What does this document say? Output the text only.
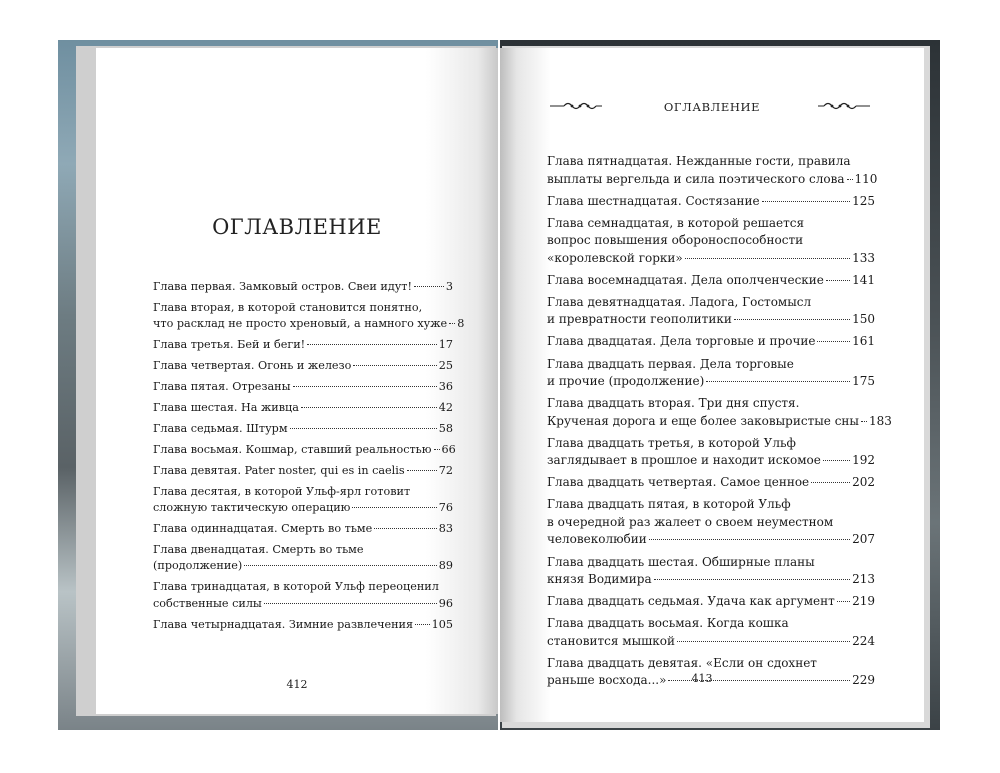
ОГЛАВЛЕНИЕ
Глава первая. Замковый остров. Свеи идут!	3
Глава вторая, в которой становится понятно,
что расклад не просто хреновый, а намного хуже 8
Глава третья. Бей и беги!	17
Глава четвертая. Огонь и железо	25
Глава пятая. Отрезаны	36
Глава шестая. На живца	42
Глава седьмая. Штурм	58
Глава восьмая. Кошмар, ставший реальностью 66
Глава девятая. Pater noster, qui es in caelis	72
Глава десятая, в которой Ульф-ярл готовит
сложную тактическую операцию	76
Глава одиннадцатая. Смерть во тьме	83
Глава двенадцатая. Смерть во тьме
(продолжение)	89
Глава тринадцатая, в которой Ульф переоценил
собственные силы	96
Глава четырнадцатая. Зимние развлечения 105
412
ОГЛАВЛЕНИЕ
Глава пятнадцатая. Нежданные гости, правила
выплаты вергельда и сила поэтического слова 110
Глава шестнадцатая. Состязание	125
Глава семнадцатая, в которой решается
вопрос повышения обороноспособности
«королевской горки»	133
Глава восемнадцатая. Дела ополченческие 141
Глава девятнадцатая. Ладога, Гостомысл
и превратности геополитики	150
Глава двадцатая. Дела торговые и прочие	161
Глава двадцать первая. Дела торговые
и прочие (продолжение)	175
Глава двадцать вторая. Три дня спустя.
Крученая дорога и еще более заковыристые сны 183
Глава двадцать третья, в которой Ульф
заглядывает в прошлое и находит искомое	192
Глава двадцать четвертая. Самое ценное	202
Глава двадцать пятая, в которой Ульф
в очередной раз жалеет о своем неуместном
человеколюбии	207
Глава двадцать шестая. Обширные планы
князя Водимира	213
Глава двадцать седьмая. Удача как аргумент 219
Глава двадцать восьмая. Когда кошка
становится мышкой	224
Глава двадцать девятая. «Если он сдохнет
раньше восхода...»	229
413
